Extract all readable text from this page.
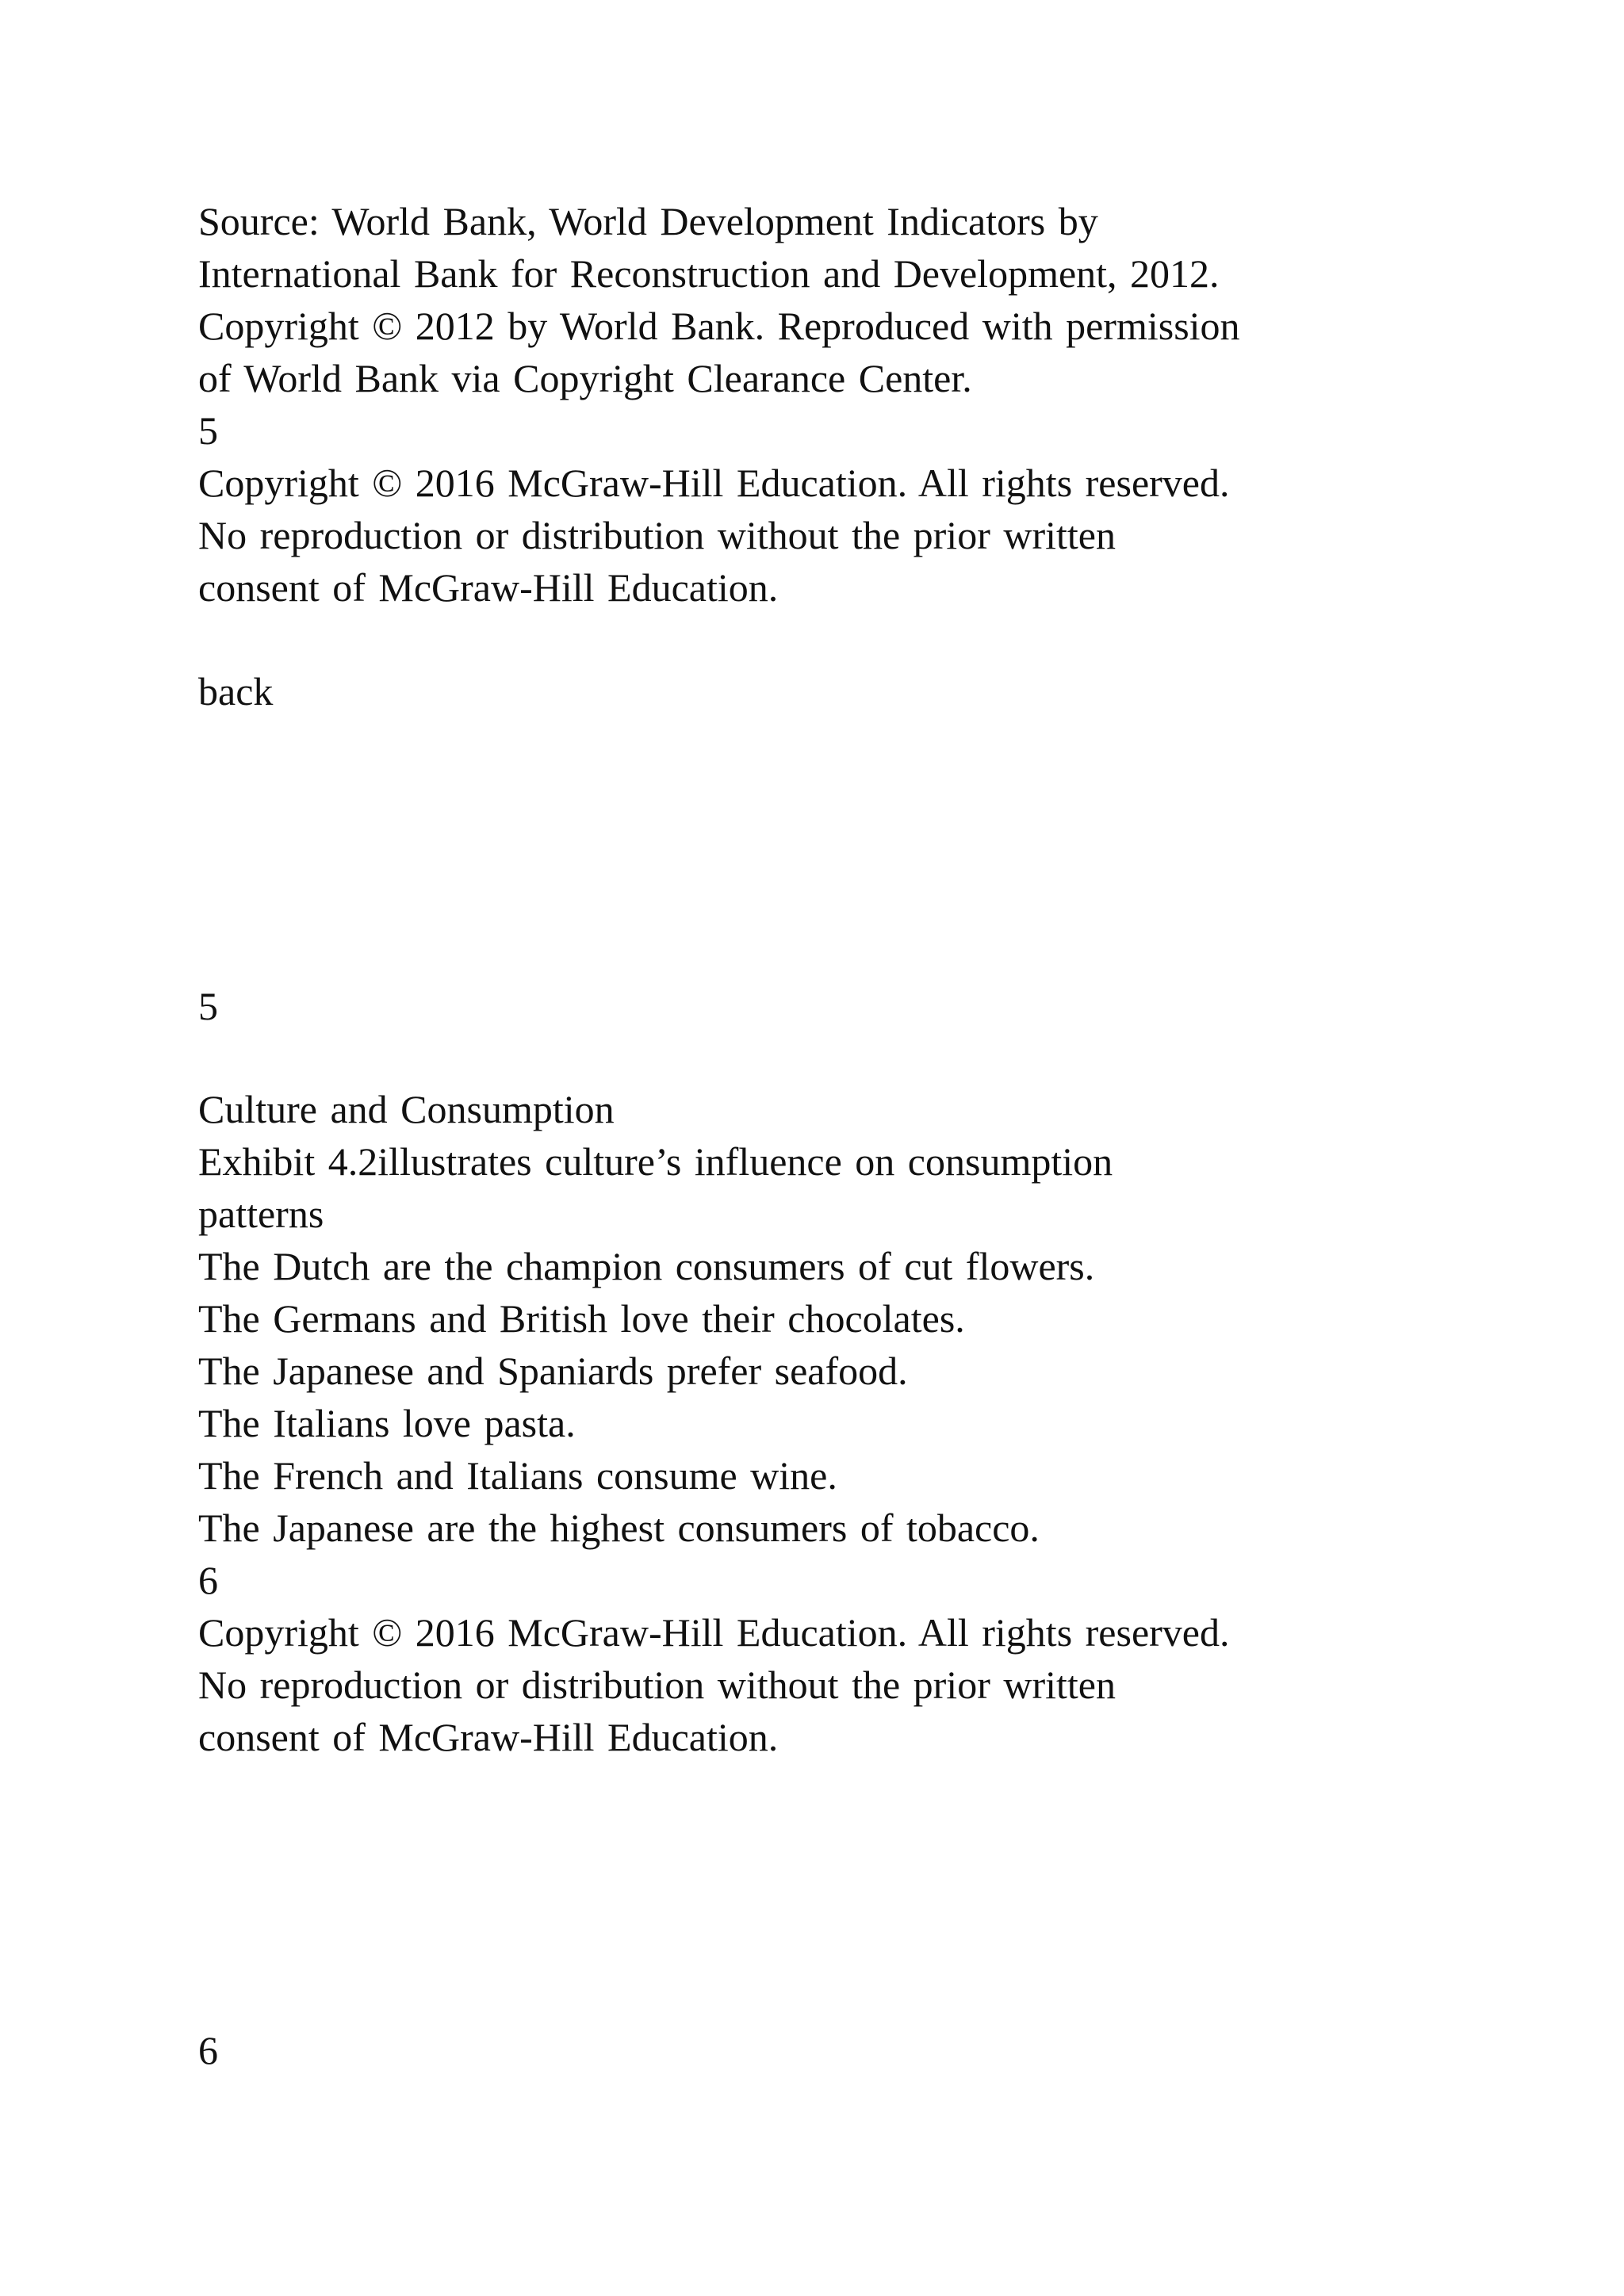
Source: World Bank, World Development Indicators by

International Bank for Reconstruction and Development, 2012.

Copyright © 2012 by World Bank. Reproduced with permission

of World Bank via Copyright Clearance Center.

5

Copyright © 2016 McGraw-Hill Education. All rights reserved.

No reproduction or distribution without the prior written

consent of McGraw-Hill Education.

back

5

Culture and Consumption

Exhibit 4.2illustrates culture’s influence on consumption

patterns

The Dutch are the champion consumers of cut flowers.

The Germans and British love their chocolates.

The Japanese and Spaniards prefer seafood.

The Italians love pasta.

The French and Italians consume wine.

The Japanese are the highest consumers of tobacco.

6

Copyright © 2016 McGraw-Hill Education. All rights reserved.

No reproduction or distribution without the prior written

consent of McGraw-Hill Education.

6
